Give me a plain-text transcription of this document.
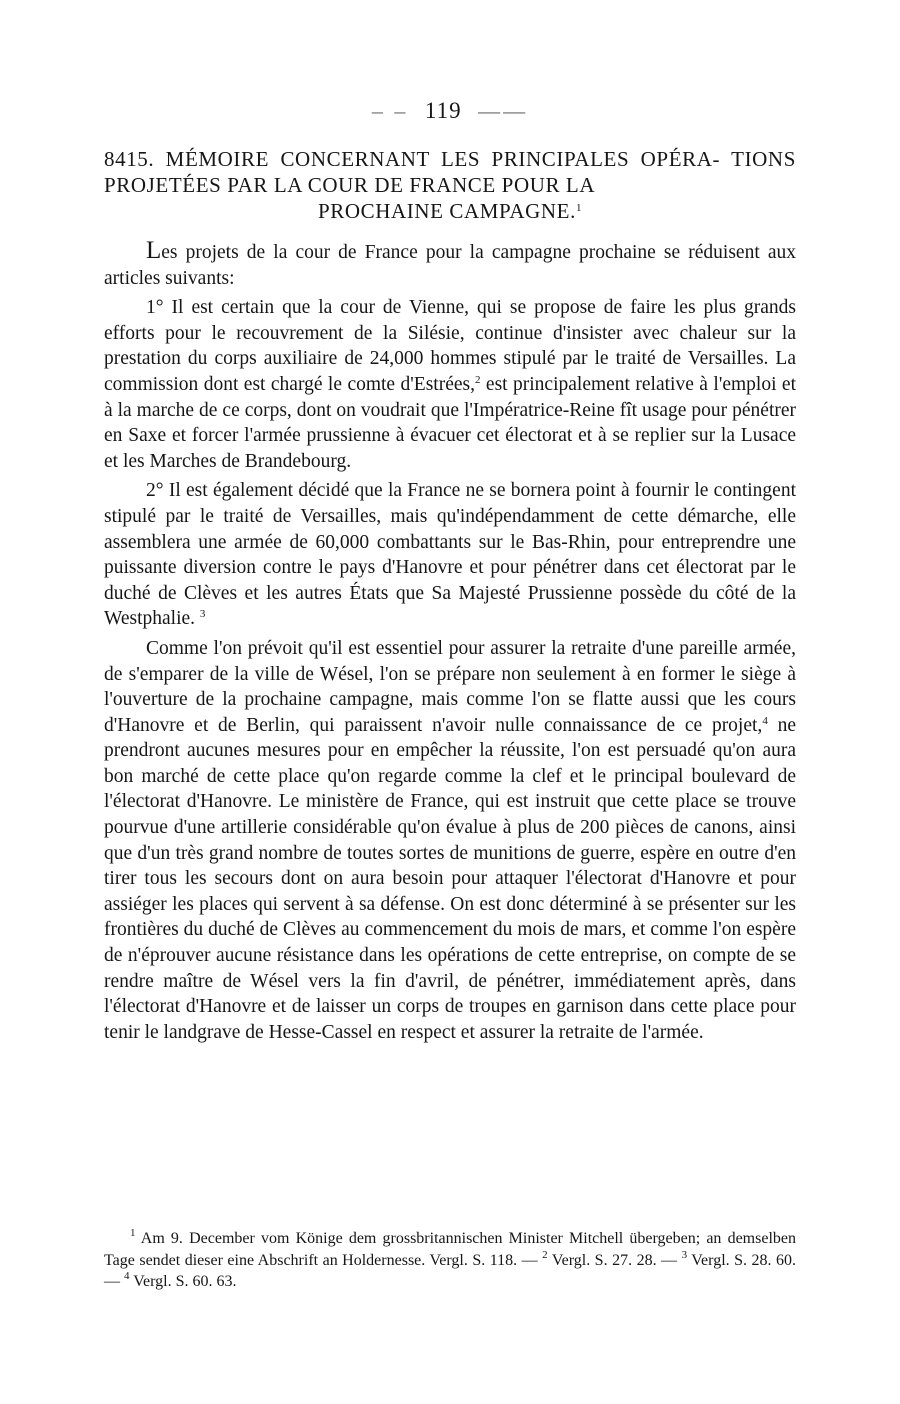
– – 119 ——
8415. MÉMOIRE CONCERNANT LES PRINCIPALES OPÉRA- TIONS PROJETÉES PAR LA COUR DE FRANCE POUR LA
PROCHAINE CAMPAGNE.$^1$

Les projets de la cour de France pour la campagne prochaine se réduisent aux articles suivants:

1° Il est certain que la cour de Vienne, qui se propose de faire les plus grands efforts pour le recouvrement de la Silésie, continue d'insister avec chaleur sur la prestation du corps auxiliaire de 24,000 hommes stipulé par le traité de Versailles. La commission dont est chargé le comte d'Estrées,$^2$ est principalement relative à l'emploi et à la marche de ce corps, dont on voudrait que l'Impératrice-Reine fît usage pour pénétrer en Saxe et forcer l'armée prussienne à évacuer cet électorat et à se replier sur la Lusace et les Marches de Brandebourg.

2° Il est également décidé que la France ne se bornera point à fournir le contingent stipulé par le traité de Versailles, mais qu'indépendamment de cette démarche, elle assemblera une armée de 60,000 combattants sur le Bas-Rhin, pour entreprendre une puissante diversion contre le pays d'Hanovre et pour pénétrer dans cet électorat par le duché de Clèves et les autres États que Sa Majesté Prussienne possède du côté de la Westphalie. $^3$

Comme l'on prévoit qu'il est essentiel pour assurer la retraite d'une pareille armée, de s'emparer de la ville de Wésel, l'on se prépare non seulement à en former le siège à l'ouverture de la prochaine campagne, mais comme l'on se flatte aussi que les cours d'Hanovre et de Berlin, qui paraissent n'avoir nulle connaissance de ce projet,$^4$ ne prendront aucunes mesures pour en empêcher la réussite, l'on est persuadé qu'on aura bon marché de cette place qu'on regarde comme la clef et le principal boulevard de l'électorat d'Hanovre. Le ministère de France, qui est instruit que cette place se trouve pourvue d'une artillerie considérable qu'on évalue à plus de 200 pièces de canons, ainsi que d'un très grand nombre de toutes sortes de munitions de guerre, espère en outre d'en tirer tous les secours dont on aura besoin pour attaquer l'électorat d'Hanovre et pour assiéger les places qui servent à sa défense. On est donc déterminé à se présenter sur les frontières du duché de Clèves au commencement du mois de mars, et comme l'on espère de n'éprouver aucune résistance dans les opérations de cette entreprise, on compte de se rendre maître de Wésel vers la fin d'avril, de pénétrer, immédiatement après, dans l'électorat d'Hanovre et de laisser un corps de troupes en garnison dans cette place pour tenir le landgrave de Hesse-Cassel en respect et assurer la retraite de l'armée.

$^1$ Am 9. December vom Könige dem grossbritannischen Minister Mitchell übergeben; an demselben Tage sendet dieser eine Abschrift an Holdernesse. Vergl. S. 118. — $^2$ Vergl. S. 27. 28. — $^3$ Vergl. S. 28. 60. — $^4$ Vergl. S. 60. 63.
